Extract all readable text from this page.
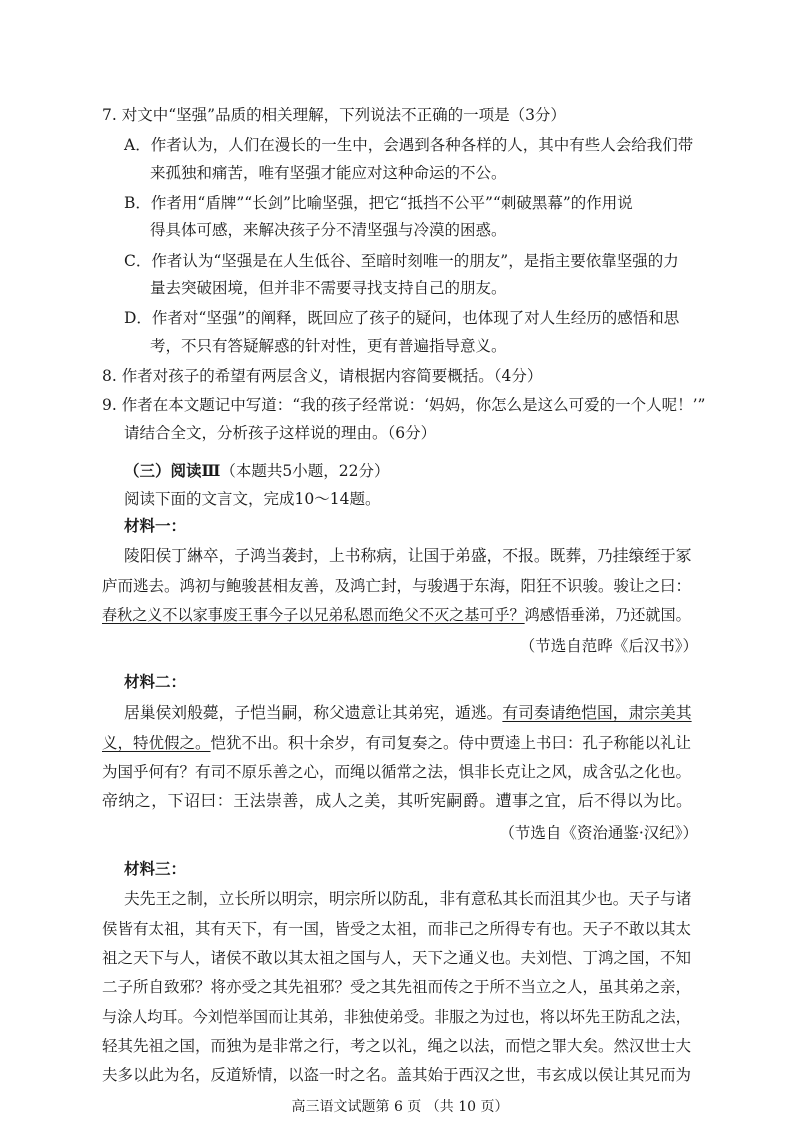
7. 对文中“坚强”品质的相关理解，下列说法不正确的一项是（3分）
A．作者认为，人们在漫长的一生中，会遇到各种各样的人，其中有些人会给我们带
来孤独和痛苦，唯有坚强才能应对这种命运的不公。
B．作者用“盾牌”“长剑”比喻坚强，把它“抵挡不公平”“刺破黑幕”的作用说
得具体可感，来解决孩子分不清坚强与冷漠的困惑。
C．作者认为“坚强是在人生低谷、至暗时刻唯一的朋友”，是指主要依靠坚强的力
量去突破困境，但并非不需要寻找支持自己的朋友。
D．作者对“坚强”的阐释，既回应了孩子的疑问，也体现了对人生经历的感悟和思
考，不只有答疑解惑的针对性，更有普遍指导意义。
8. 作者对孩子的希望有两层含义，请根据内容简要概括。（4分）
9. 作者在本文题记中写道：“我的孩子经常说：‘妈妈，你怎么是这么可爱的一个人呢！’”
请结合全文，分析孩子这样说的理由。（6分）
（三）阅读Ⅲ（本题共5小题，22分）
阅读下面的文言文，完成10～14题。
材料一：
陵阳侯丁綝卒，子鸿当袭封，上书称病，让国于弟盛，不报。既葬，乃挂缞绖于冢
庐而逃去。鸿初与鲍骏甚相友善，及鸿亡封，与骏遇于东海，阳狂不识骏。骏让之曰：
春秋之义不以家事废王事今子以兄弟私恩而绝父不灭之基可乎？鸿感悟垂涕，乃还就国。
（节选自范晔《后汉书》）
材料二：
居巢侯刘般薨，子恺当嗣，称父遗意让其弟宪，遁逃。有司奏请绝恺国，肃宗美其
义，特优假之。恺犹不出。积十余岁，有司复奏之。侍中贾逵上书曰：孔子称能以礼让
为国乎何有？有司不原乐善之心，而绳以循常之法，惧非长克让之风，成含弘之化也。
帝纳之，下诏曰：王法崇善，成人之美，其听宪嗣爵。遭事之宜，后不得以为比。
（节选自《资治通鉴·汉纪》）
材料三：
夫先王之制，立长所以明宗，明宗所以防乱，非有意私其长而沮其少也。天子与诸
侯皆有太祖，其有天下，有一国，皆受之太祖，而非己之所得专有也。天子不敢以其太
祖之天下与人，诸侯不敢以其太祖之国与人，天下之通义也。夫刘恺、丁鸿之国，不知
二子所自致邪？将亦受之其先祖邪？受之其先祖而传之于所不当立之人，虽其弟之亲，
与涂人均耳。今刘恺举国而让其弟，非独使弟受。非服之为过也，将以坏先王防乱之法，
轻其先祖之国，而独为是非常之行，考之以礼，绳之以法，而恺之罪大矣。然汉世士大
夫多以此为名，反道矫情，以盗一时之名。盖其始于西汉之世，韦玄成以侯让其兄而为
高三语文试题第 6 页 （共 10 页）
